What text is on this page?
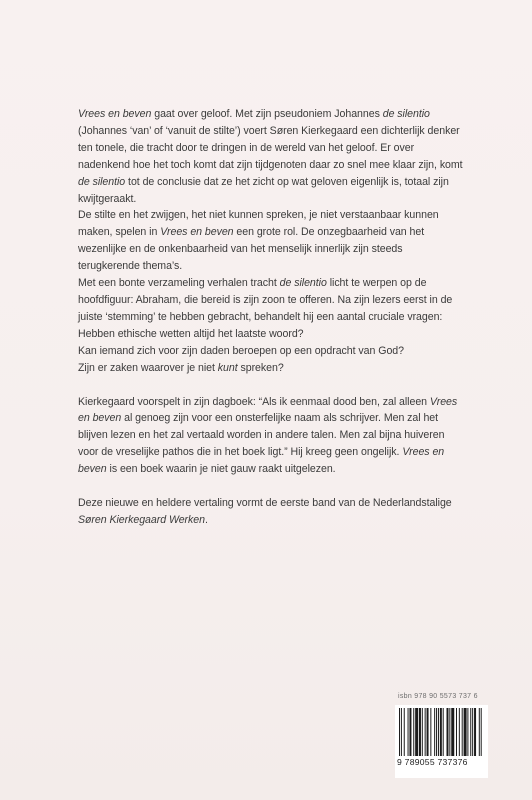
Vrees en beven gaat over geloof. Met zijn pseudoniem Johannes de silentio (Johannes ‘van’ of ‘vanuit de stilte’) voert Søren Kierkegaard een dichterlijk denker ten tonele, die tracht door te dringen in de wereld van het geloof. Er over nadenkend hoe het toch komt dat zijn tijdgenoten daar zo snel mee klaar zijn, komt de silentio tot de conclusie dat ze het zicht op wat geloven eigenlijk is, totaal zijn kwijtgeraakt.

De stilte en het zwijgen, het niet kunnen spreken, je niet verstaanbaar kunnen maken, spelen in Vrees en beven een grote rol. De onzegbaarheid van het wezenlijke en de onkenbaarheid van het menselijk innerlijk zijn steeds terugkerende thema’s.

Met een bonte verzameling verhalen tracht de silentio licht te werpen op de hoofdfiguur: Abraham, die bereid is zijn zoon te offeren. Na zijn lezers eerst in de juiste ‘stemming’ te hebben gebracht, behandelt hij een aantal cruciale vragen:

Hebben ethische wetten altijd het laatste woord?

Kan iemand zich voor zijn daden beroepen op een opdracht van God?

Zijn er zaken waarover je niet kunt spreken?

Kierkegaard voorspelt in zijn dagboek: “Als ik eenmaal dood ben, zal alleen Vrees en beven al genoeg zijn voor een onsterfelijke naam als schrijver. Men zal het blijven lezen en het zal vertaald worden in andere talen. Men zal bijna huiveren voor de vreselijke pathos die in het boek ligt.” Hij kreeg geen ongelijk. Vrees en beven is een boek waarin je niet gauw raakt uitgelezen.

Deze nieuwe en heldere vertaling vormt de eerste band van de Nederlandstalige Søren Kierkegaard Werken.

isbn 978 90 5573 737 6
9 789055 737376
